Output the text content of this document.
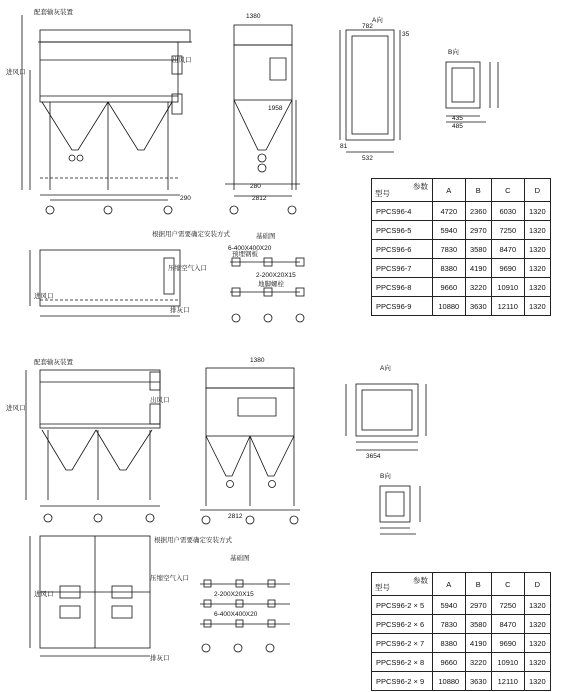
配套输灰装置
进风口
出风口
A向
B向
压缩空气入口
排灰口
进风口
基础图
根据用户需要确定安装方式
6-400X400X20
2-200X20X15
预埋钢板
地脚螺栓
1380
2812
1958
280
782
35
532
81
485
435
290
配套输灰装置
进风口
出风口
A向
B向
1380
3654
2812
根据用户需要确定安装方式
压缩空气入口
进风口
基础图
2-200X20X15
6-400X400X20
排灰口
参数
型号	A	B	C	D
PPCS96-4	4720	2360	6030	1320
PPCS96-5	5940	2970	7250	1320
PPCS96-6	7830	3580	8470	1320
PPCS96-7	8380	4190	9690	1320
PPCS96-8	9660	3220	10910	1320
PPCS96-9	10880	3630	12110	1320
参数
型号	A	B	C	D
PPCS96-2 × 5	5940	2970	7250	1320
PPCS96-2 × 6	7830	3580	8470	1320
PPCS96-2 × 7	8380	4190	9690	1320
PPCS96-2 × 8	9660	3220	10910	1320
PPCS96-2 × 9	10880	3630	12110	1320
